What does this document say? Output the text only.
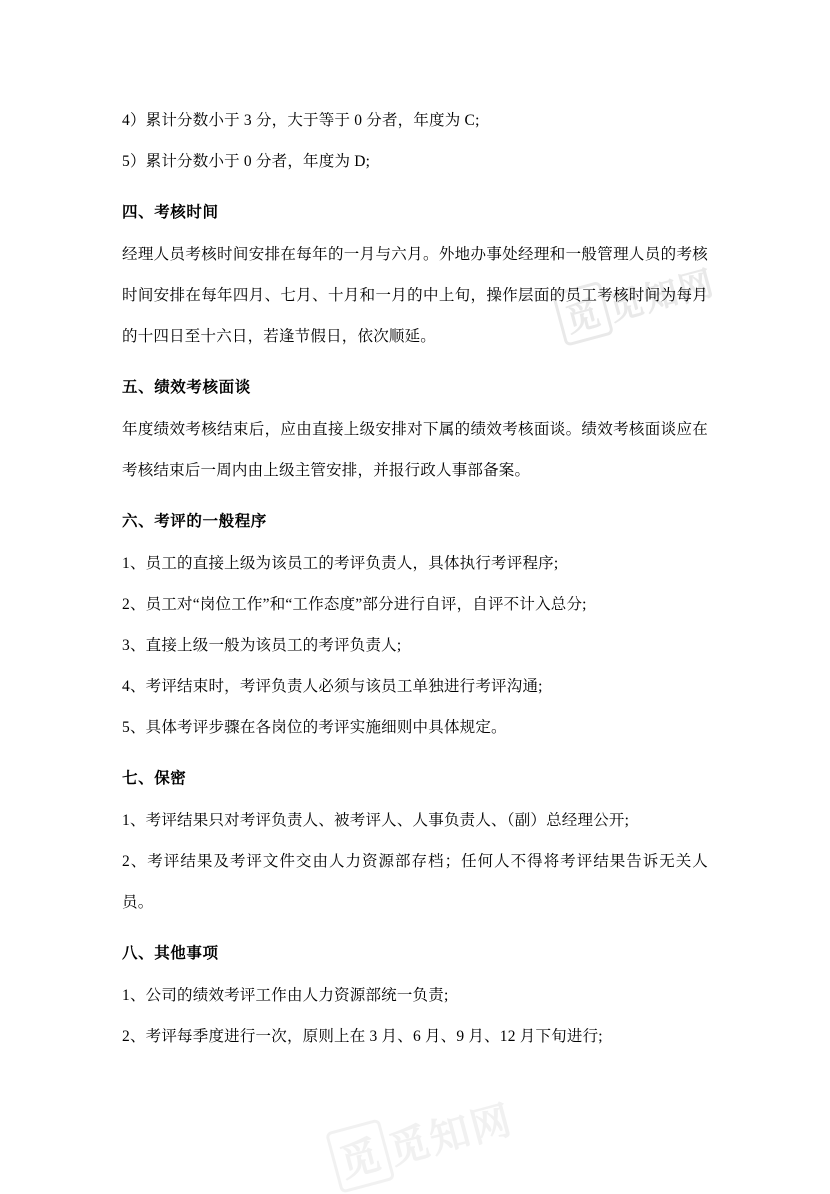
觅觅知网
觅觅知网

4）累计分数小于 3 分，大于等于 0 分者，年度为 C;

5）累计分数小于 0 分者，年度为 D;

四、考核时间

经理人员考核时间安排在每年的一月与六月。外地办事处经理和一般管理人员的考核时间安排在每年四月、七月、十月和一月的中上旬，操作层面的员工考核时间为每月的十四日至十六日，若逢节假日，依次顺延。

五、绩效考核面谈

年度绩效考核结束后，应由直接上级安排对下属的绩效考核面谈。绩效考核面谈应在考核结束后一周内由上级主管安排，并报行政人事部备案。

六、考评的一般程序

1、员工的直接上级为该员工的考评负责人，具体执行考评程序;

2、员工对“岗位工作”和“工作态度”部分进行自评，自评不计入总分;

3、直接上级一般为该员工的考评负责人;

4、考评结束时，考评负责人必须与该员工单独进行考评沟通;

5、具体考评步骤在各岗位的考评实施细则中具体规定。

七、保密

1、考评结果只对考评负责人、被考评人、人事负责人、（副）总经理公开;

2、考评结果及考评文件交由人力资源部存档；任何人不得将考评结果告诉无关人员。

八、其他事项

1、公司的绩效考评工作由人力资源部统一负责;

2、考评每季度进行一次，原则上在 3 月、6 月、9 月、12 月下旬进行;
